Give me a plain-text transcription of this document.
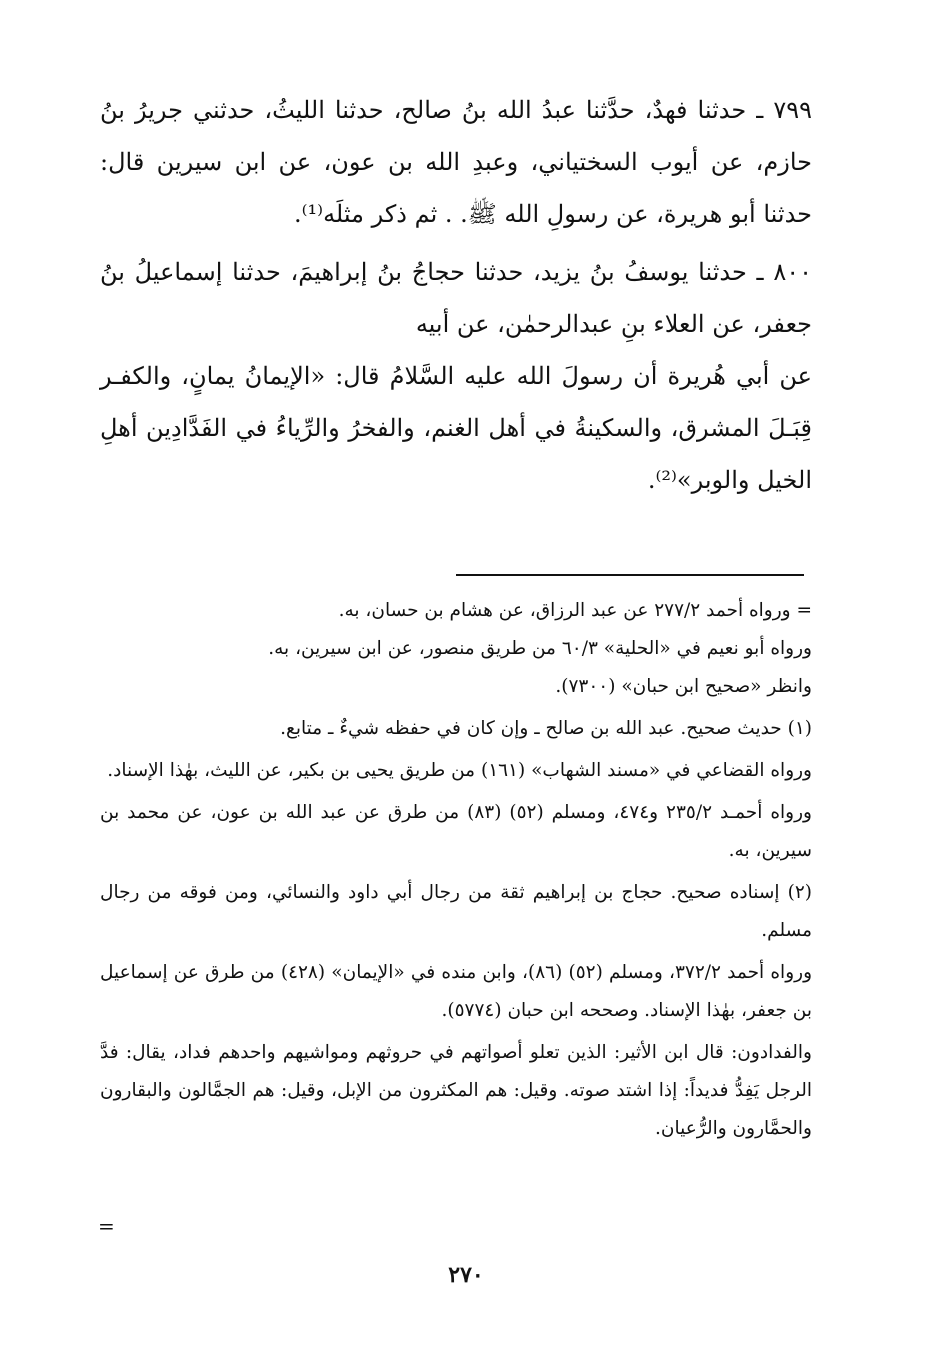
٧٩٩ ـ حدثنا فهدٌ، حدَّثنا عبدُ الله بنُ صالح، حدثنا الليثُ، حدثني جريرُ بنُ حازم، عن أيوب السختياني، وعبدِ الله بن عون، عن ابن سيرين قال: حدثنا أبو هريرة، عن رسولِ الله ﷺ. . ثم ذكر مثلَه⁽¹⁾.

٨٠٠ ـ حدثنا يوسفُ بنُ يزيد، حدثنا حجاجُ بنُ إبراهيمَ، حدثنا إسماعيلُ بنُ جعفر، عن العلاء بنِ عبدالرحمٰن، عن أبيه

عن أبي هُريرة أن رسولَ الله عليه السَّلامُ قال: «الإيمانُ يمانٍ، والكفـر قِبَـلَ المشرق، والسكينةُ في أهل الغنم، والفخرُ والرِّياءُ في الفَدَّادِين أهلِ الخيل والوبر»⁽²⁾.

= ورواه أحمد ٢٧٧/٢ عن عبد الرزاق، عن هشام بن حسان، به.

ورواه أبو نعيم في «الحلية» ٦٠/٣ من طريق منصور، عن ابن سيرين، به.

وانظر «صحيح ابن حبان» (٧٣٠٠).

(١) حديث صحيح. عبد الله بن صالح ـ وإن كان في حفظه شيءٌ ـ متابع.

ورواه القضاعي في «مسند الشهاب» (١٦١) من طريق يحيى بن بكير، عن الليث، بهٰذا الإسناد.

ورواه أحمـد ٢٣٥/٢ و٤٧٤، ومسلم (٥٢) (٨٣) من طرق عن عبد الله بن عون، عن محمد بن سيرين، به.

(٢) إسناده صحيح. حجاج بن إبراهيم ثقة من رجال أبي داود والنسائي، ومن فوقه من رجال مسلم.

ورواه أحمد ٣٧٢/٢، ومسلم (٥٢) (٨٦)، وابن منده في «الإيمان» (٤٢٨) من طرق عن إسماعيل بن جعفر، بهٰذا الإسناد. وصححه ابن حبان (٥٧٧٤).

والفدادون: قال ابن الأثير: الذين تعلو أصواتهم في حروثهم ومواشيهم واحدهم فداد، يقال: فدَّ الرجل يَفِدُّ فديداً: إذا اشتد صوته. وقيل: هم المكثرون من الإبل، وقيل: هم الجمَّالون والبقارون والحمَّارون والرُّعيان.

=
٢٧٠
